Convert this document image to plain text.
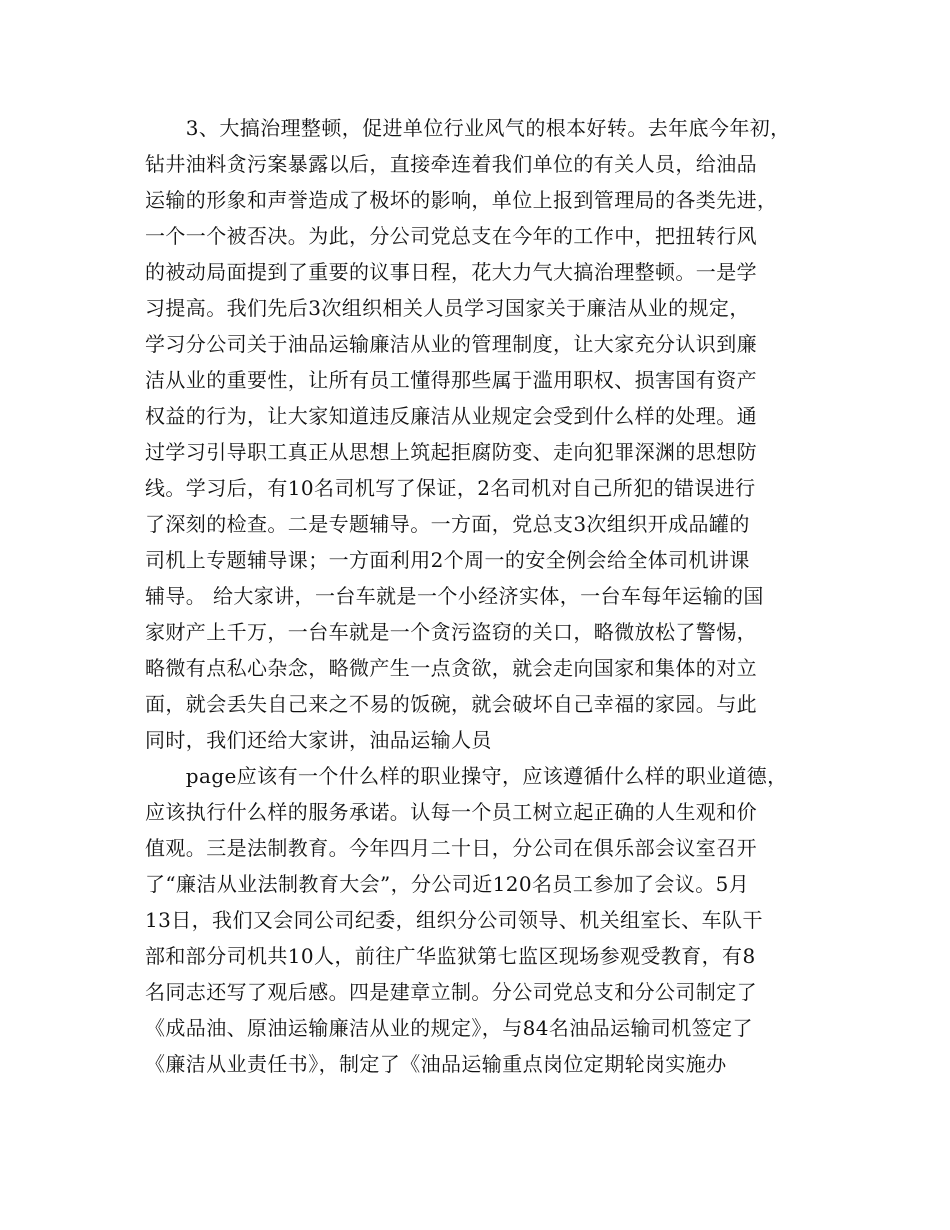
　　3、大搞治理整顿，促进单位行业风气的根本好转。去年底今年初，
钻井油料贪污案暴露以后，直接牵连着我们单位的有关人员，给油品
运输的形象和声誉造成了极坏的影响，单位上报到管理局的各类先进，
一个一个被否决。为此，分公司党总支在今年的工作中，把扭转行风
的被动局面提到了重要的议事日程，花大力气大搞治理整顿。一是学
习提高。我们先后3次组织相关人员学习国家关于廉洁从业的规定，
学习分公司关于油品运输廉洁从业的管理制度，让大家充分认识到廉
洁从业的重要性，让所有员工懂得那些属于滥用职权、损害国有资产
权益的行为，让大家知道违反廉洁从业规定会受到什么样的处理。通
过学习引导职工真正从思想上筑起拒腐防变、走向犯罪深渊的思想防
线。学习后，有10名司机写了保证，2名司机对自己所犯的错误进行
了深刻的检查。二是专题辅导。一方面，党总支3次组织开成品罐的
司机上专题辅导课；一方面利用2个周一的安全例会给全体司机讲课
辅导。 给大家讲，一台车就是一个小经济实体，一台车每年运输的国
家财产上千万，一台车就是一个贪污盗窃的关口，略微放松了警惕，
略微有点私心杂念，略微产生一点贪欲，就会走向国家和集体的对立
面，就会丢失自己来之不易的饭碗，就会破坏自己幸福的家园。与此
同时，我们还给大家讲，油品运输人员
　　page应该有一个什么样的职业操守，应该遵循什么样的职业道德，
应该执行什么样的服务承诺。认每一个员工树立起正确的人生观和价
值观。三是法制教育。今年四月二十日，分公司在俱乐部会议室召开
了“廉洁从业法制教育大会”，分公司近120名员工参加了会议。5月
13日，我们又会同公司纪委，组织分公司领导、机关组室长、车队干
部和部分司机共10人，前往广华监狱第七监区现场参观受教育，有8
名同志还写了观后感。四是建章立制。分公司党总支和分公司制定了
《成品油、原油运输廉洁从业的规定》，与84名油品运输司机签定了
《廉洁从业责任书》，制定了《油品运输重点岗位定期轮岗实施办
